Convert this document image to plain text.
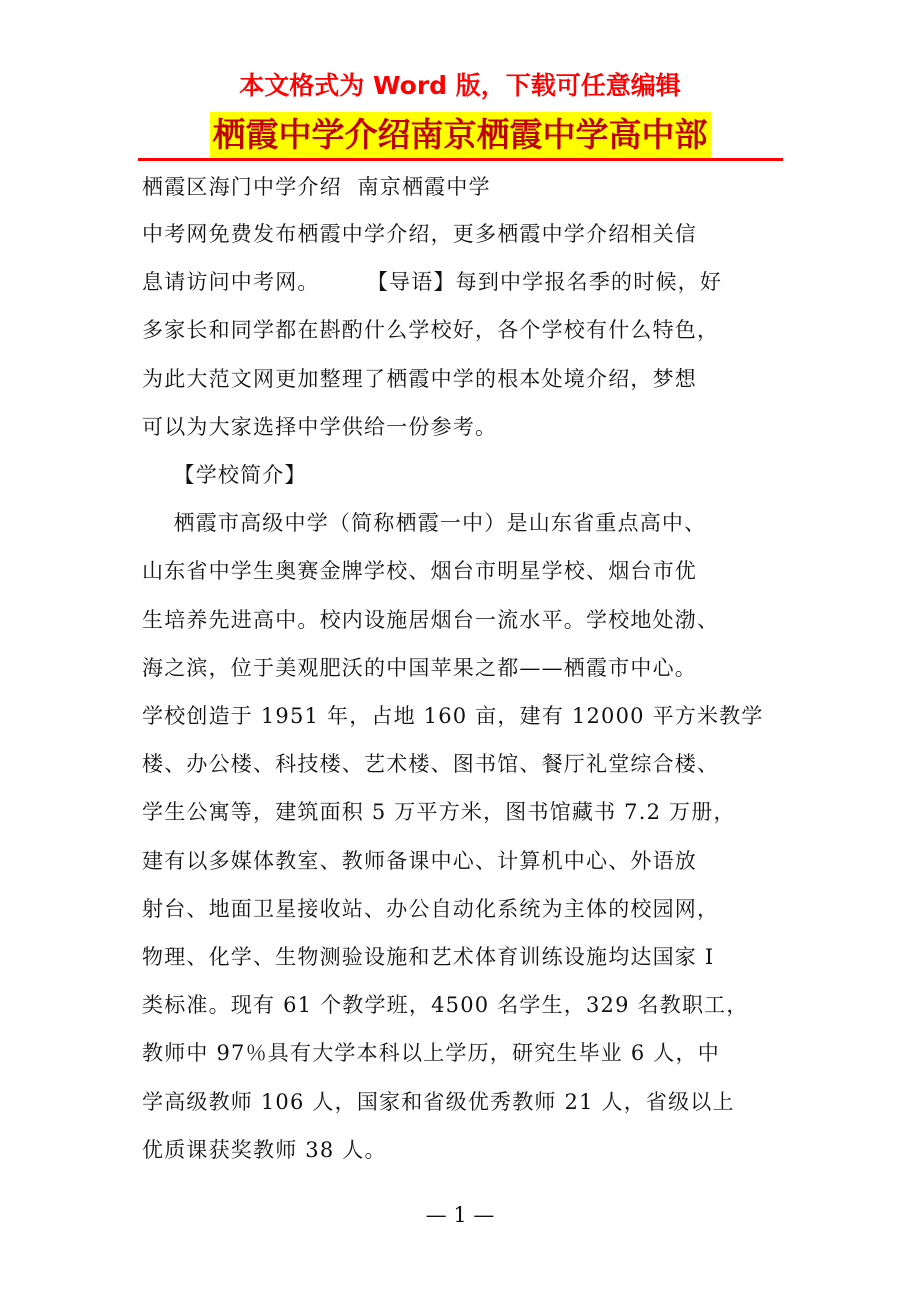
本文格式为 Word 版，下载可任意编辑
栖霞中学介绍南京栖霞中学高中部
栖霞区海门中学介绍  南京栖霞中学
中考网免费发布栖霞中学介绍，更多栖霞中学介绍相关信
息请访问中考网。      【导语】每到中学报名季的时候，好
多家长和同学都在斟酌什么学校好，各个学校有什么特色，
为此大范文网更加整理了栖霞中学的根本处境介绍，梦想
可以为大家选择中学供给一份参考。
【学校简介】
栖霞市高级中学（简称栖霞一中）是山东省重点高中、
山东省中学生奥赛金牌学校、烟台市明星学校、烟台市优
生培养先进高中。校内设施居烟台一流水平。学校地处渤、
海之滨，位于美观肥沃的中国苹果之都——栖霞市中心。
学校创造于 1951 年，占地 160 亩，建有 12000 平方米教学
楼、办公楼、科技楼、艺术楼、图书馆、餐厅礼堂综合楼、
学生公寓等，建筑面积 5 万平方米，图书馆藏书 7.2 万册，
建有以多媒体教室、教师备课中心、计算机中心、外语放
射台、地面卫星接收站、办公自动化系统为主体的校园网，
物理、化学、生物测验设施和艺术体育训练设施均达国家 I
类标准。现有 61 个教学班，4500 名学生，329 名教职工，
教师中 97％具有大学本科以上学历，研究生毕业 6 人，中
学高级教师 106 人，国家和省级优秀教师 21 人，省级以上
优质课获奖教师 38 人。
— 1 —
